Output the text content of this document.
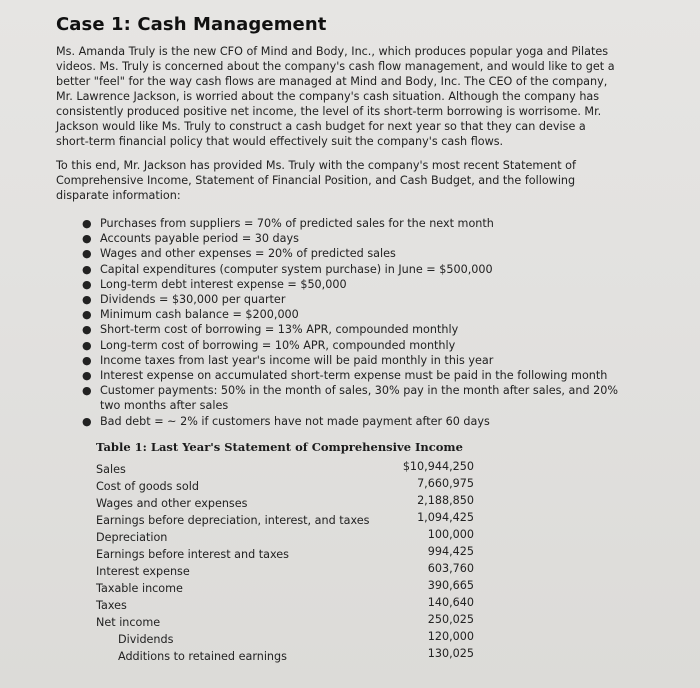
Case 1: Cash Management

Ms. Amanda Truly is the new CFO of Mind and Body, Inc., which produces popular yoga and Pilates
videos. Ms. Truly is concerned about the company's cash flow management, and would like to get a
better "feel" for the way cash flows are managed at Mind and Body, Inc. The CEO of the company,
Mr. Lawrence Jackson, is worried about the company's cash situation. Although the company has
consistently produced positive net income, the level of its short-term borrowing is worrisome. Mr.
Jackson would like Ms. Truly to construct a cash budget for next year so that they can devise a
short-term financial policy that would effectively suit the company's cash flows.

To this end, Mr. Jackson has provided Ms. Truly with the company's most recent Statement of
Comprehensive Income, Statement of Financial Position, and Cash Budget, and the following
disparate information:

● Purchases from suppliers = 70% of predicted sales for the next month
● Accounts payable period = 30 days
● Wages and other expenses = 20% of predicted sales
● Capital expenditures (computer system purchase) in June = $500,000
● Long-term debt interest expense = $50,000
● Dividends = $30,000 per quarter
● Minimum cash balance = $200,000
● Short-term cost of borrowing = 13% APR, compounded monthly
● Long-term cost of borrowing = 10% APR, compounded monthly
● Income taxes from last year's income will be paid monthly in this year
● Interest expense on accumulated short-term expense must be paid in the following month
● Customer payments: 50% in the month of sales, 30% pay in the month after sales, and 20%
two months after sales
● Bad debt = ~ 2% if customers have not made payment after 60 days
Table 1: Last Year's Statement of Comprehensive Income
Sales	$10,944,250
Cost of goods sold	7,660,975
Wages and other expenses	2,188,850
Earnings before depreciation, interest, and taxes	1,094,425
Depreciation	100,000
Earnings before interest and taxes	994,425
Interest expense	603,760
Taxable income	390,665
Taxes	140,640
Net income	250,025
Dividends	120,000
Additions to retained earnings	130,025
